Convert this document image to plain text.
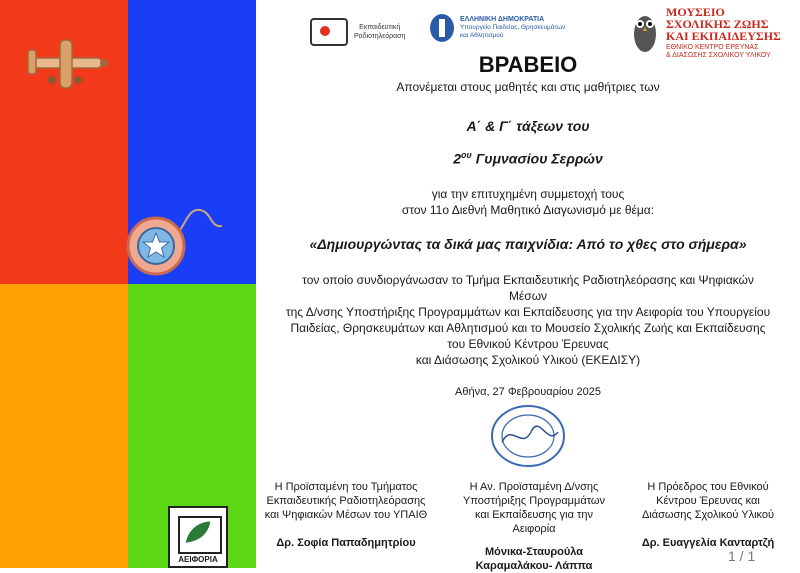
Εκπαιδευτική
Ραδιοτηλεόραση
ΕΛΛΗΝΙΚΗ ΔΗΜΟΚΡΑΤΙΑ
Υπουργείο Παιδείας, Θρησκευμάτων
και Αθλητισμού
ΜΟΥΣΕΙΟ
ΣΧΟΛΙΚΗΣ ΖΩΗΣ
ΚΑΙ ΕΚΠΑΙΔΕΥΣΗΣ
ΕΘΝΙΚΟ ΚΕΝΤΡΟ ΕΡΕΥΝΑΣ
& ΔΙΑΣΩΣΗΣ ΣΧΟΛΙΚΟΥ ΥΛΙΚΟΥ
ΒΡΑΒΕΙΟ
Απονέμεται στους μαθητές και στις μαθήτριες των
Α΄ & Γ΄ τάξεων του
$2^{o\upsilon}$ Γυμνασίου Σερρών
για την επιτυχημένη συμμετοχή τους
στον 11ο Διεθνή Μαθητικό Διαγωνισμό με θέμα:
«Δημιουργώντας τα δικά μας παιχνίδια: Από το χθες στο σήμερα»
τον οποίο συνδιοργάνωσαν το Τμήμα Εκπαιδευτικής Ραδιοτηλεόρασης και Ψηφιακών
Μέσων
της Δ/νσης Υποστήριξης Προγραμμάτων και Εκπαίδευσης για την Αειφορία του Υπουργείου
Παιδείας, Θρησκευμάτων και Αθλητισμού και το Μουσείο Σχολικής Ζωής και Εκπαίδευσης
του Εθνικού Κέντρου Έρευνας
και Διάσωσης Σχολικού Υλικού (ΕΚΕΔΙΣΥ)
Αθήνα, 27 Φεβρουαρίου 2025
Η Προϊσταμένη του Τμήματος
Εκπαιδευτικής Ραδιοτηλεόρασης
και Ψηφιακών Μέσων του ΥΠΑΙΘ
Δρ. Σοφία Παπαδημητρίου
Η Αν. Προϊσταμένη Δ/νσης
Υποστήριξης Προγραμμάτων
και Εκπαίδευσης για την
Αειφορία
Μόνικα-Σταυρούλα
Καραμαλάκου- Λάππα
Η Πρόεδρος του Εθνικού
Κέντρου Έρευνας και
Διάσωσης Σχολικού Υλικού
Δρ. Ευαγγελία Κανταρτζή
1 / 1
ΑΕΙΦΟΡΙΑ
